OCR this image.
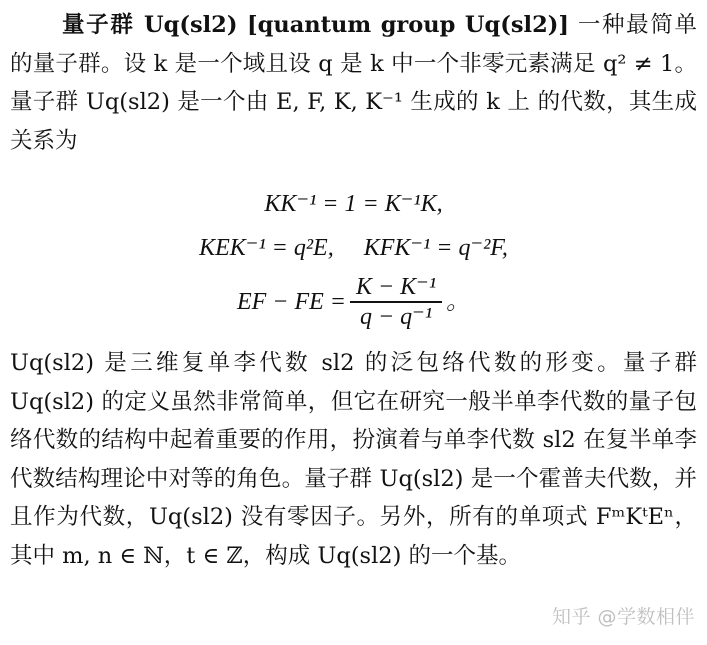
量子群 Uq(sl2) [quantum group Uq(sl2)] 一种最简单的量子群。设 k 是一个域且设 q 是 k 中一个非零元素满足 q² ≠ 1。量子群 Uq(sl2) 是一个由 E, F, K, K⁻¹ 生成的 k 上 的代数，其生成关系为

KK⁻¹ = 1 = K⁻¹K,
KEK⁻¹ = q²E, KFK⁻¹ = q⁻²F,
EF − FE = $\frac{\text{K − K⁻¹}}{\text{q − q⁻¹}}$ 。

Uq(sl2) 是三维复单李代数 sl2 的泛包络代数的形变。量子群 Uq(sl2) 的定义虽然非常简单，但它在研究一般半单李代数的量子包络代数的结构中起着重要的作用，扮演着与单李代数 sl2 在复半单李代数结构理论中对等的角色。量子群 Uq(sl2) 是一个霍普夫代数，并且作为代数，Uq(sl2) 没有零因子。另外，所有的单项式 FᵐKᵗEⁿ，其中 m, n ∈ ℕ，t ∈ ℤ，构成 Uq(sl2) 的一个基。

知乎 @学数相伴
